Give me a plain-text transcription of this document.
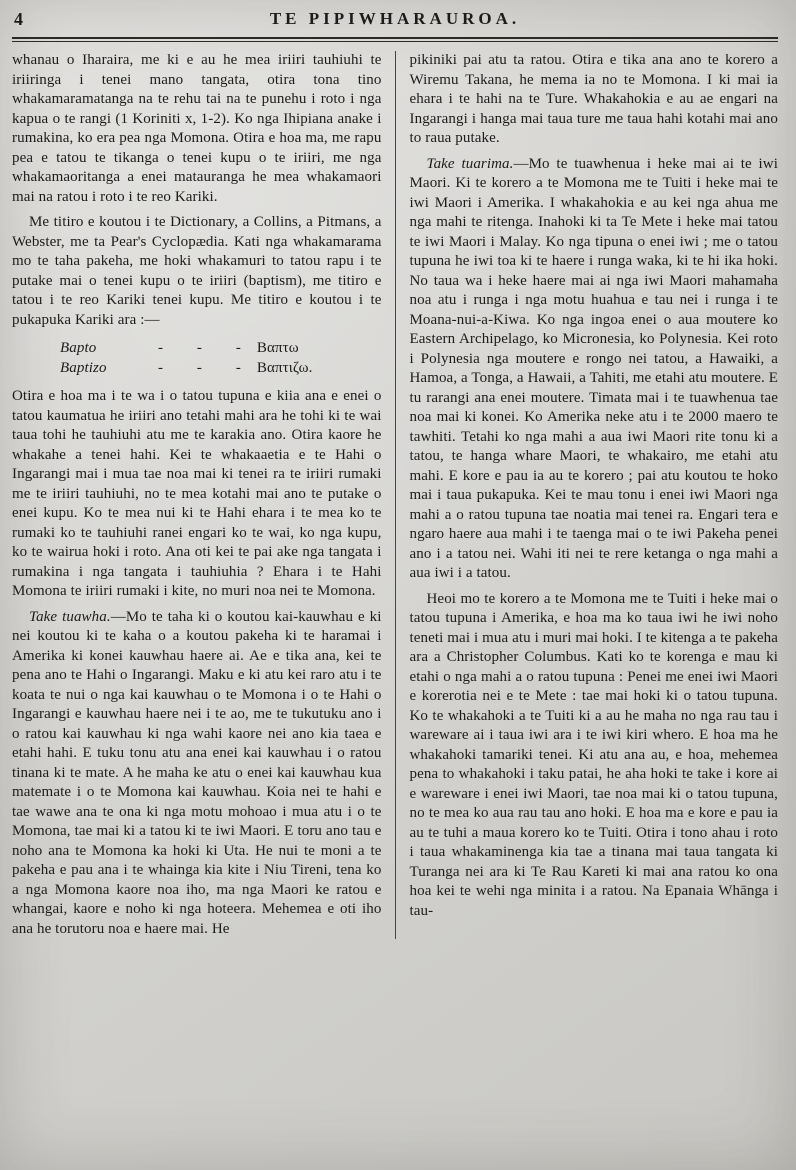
4	TE PIPIWHARAUROA.

whanau o Iharaira, me ki e au he mea iriiri tauhiuhi te iriiringa i tenei mano tangata, otira tona tino whakamaramatanga na te rehu tai na te punehu i roto i nga kapua o te rangi (1 Koriniti x, 1-2). Ko nga Ihipiana anake i rumakina, ko era pea nga Momona. Otira e hoa ma, me rapu pea e tatou te tikanga o tenei kupu o te iriiri, me nga whakamaoritanga a enei matauranga he mea whakamaori mai na ratou i roto i te reo Kariki.

Me titiro e koutou i te Dictionary, a Collins, a Pitmans, a Webster, me ta Pear's Cyclopædia. Kati nga whakamarama mo te taha pakeha, me hoki whakamuri to tatou rapu i te putake mai o tenei kupu o te iriiri (baptism), me titiro e tatou i te reo Kariki tenei kupu. Me titiro e koutou i te pukapuka Kariki ara :—

Bapto	- - -	Βαπτω
Baptizo	- - -	Βαπτιζω.

Otira e hoa ma i te wa i o tatou tupuna e kiia ana e enei o tatou kaumatua he iriiri ano tetahi mahi ara he tohi ki te wai taua tohi he tauhiuhi atu me te karakia ano. Otira kaore he whakahe a tenei hahi. Kei te whakaaetia e te Hahi o Ingarangi mai i mua tae noa mai ki tenei ra te iriiri rumaki me te iriiri tauhiuhi, no te mea kotahi mai ano te putake o enei kupu. Ko te mea nui ki te Hahi ehara i te mea ko te rumaki ko te tauhiuhi ranei engari ko te wai, ko nga kupu, ko te wairua hoki i roto. Ana oti kei te pai ake nga tangata i rumakina i nga tangata i tauhiuhia ? Ehara i te Hahi Momona te iriiri rumaki i kite, no muri noa nei te Momona.

Take tuawha.—Mo te taha ki o koutou kai-kauwhau e ki nei koutou ki te kaha o a koutou pakeha ki te haramai i Amerika ki konei kauwhau haere ai. Ae e tika ana, kei te pena ano te Hahi o Ingarangi. Maku e ki atu kei raro atu i te koata te nui o nga kai kauwhau o te Momona i o te Hahi o Ingarangi e kauwhau haere nei i te ao, me te tukutuku ano i o ratou kai kauwhau ki nga wahi kaore nei ano kia taea e etahi hahi. E tuku tonu atu ana enei kai kauwhau i o ratou tinana ki te mate. A he maha ke atu o enei kai kauwhau kua matemate i o te Momona kai kauwhau. Koia nei te hahi e tae wawe ana te ona ki nga motu mohoao i mua atu i o te Momona, tae mai ki a tatou ki te iwi Maori. E toru ano tau e noho ana te Momona ka hoki ki Uta. He nui te moni a te pakeha e pau ana i te whainga kia kite i Niu Tireni, tena ko a nga Momona kaore noa iho, ma nga Maori ke ratou e whangai, kaore e noho ki nga hoteera. Mehemea e oti iho ana he torutoru noa e haere mai. He

pikiniki pai atu ta ratou. Otira e tika ana ano te korero a Wiremu Takana, he mema ia no te Momona. I ki mai ia ehara i te hahi na te Ture. Whakahokia e au ae engari na Ingarangi i hanga mai taua ture me taua hahi kotahi mai ano to raua putake.

Take tuarima.—Mo te tuawhenua i heke mai ai te iwi Maori. Ki te korero a te Momona me te Tuiti i heke mai te iwi Maori i Amerika. I whakahokia e au kei nga ahua me nga mahi te ritenga. Inahoki ki ta Te Mete i heke mai tatou te iwi Maori i Malay. Ko nga tipuna o enei iwi ; me o tatou tupuna he iwi toa ki te haere i runga waka, ki te hi ika hoki. No taua wa i heke haere mai ai nga iwi Maori mahamaha noa atu i runga i nga motu huahua e tau nei i runga i te Moana-nui-a-Kiwa. Ko nga ingoa enei o aua moutere ko Eastern Archipelago, ko Micronesia, ko Polynesia. Kei roto i Polynesia nga moutere e rongo nei tatou, a Hawaiki, a Hamoa, a Tonga, a Hawaii, a Tahiti, me etahi atu moutere. E tu rarangi ana enei moutere. Timata mai i te tuawhenua tae noa mai ki konei. Ko Amerika neke atu i te 2000 maero te tawhiti. Tetahi ko nga mahi a aua iwi Maori rite tonu ki a tatou, te hanga whare Maori, te whakairo, me etahi atu mahi. E kore e pau ia au te korero ; pai atu koutou te hoko mai i taua pukapuka. Kei te mau tonu i enei iwi Maori nga mahi a o ratou tupuna tae noatia mai tenei ra. Engari tera e ngaro haere aua mahi i te taenga mai o te iwi Pakeha penei ano i a tatou nei. Wahi iti nei te rere ketanga o nga mahi a aua iwi i a tatou.

Heoi mo te korero a te Momona me te Tuiti i heke mai o tatou tupuna i Amerika, e hoa ma ko taua iwi he iwi noho teneti mai i mua atu i muri mai hoki. I te kitenga a te pakeha ara a Christopher Columbus. Kati ko te korenga e mau ki etahi o nga mahi a o ratou tupuna : Penei me enei iwi Maori e korerotia nei e te Mete : tae mai hoki ki o tatou tupuna. Ko te whakahoki a te Tuiti ki a au he maha no nga rau tau i wareware ai i taua iwi ara i te iwi kiri whero. E hoa ma he whakahoki tamariki tenei. Ki atu ana au, e hoa, mehemea pena to whakahoki i taku patai, he aha hoki te take i kore ai e wareware i enei iwi Maori, tae noa mai ki o tatou tupuna, no te mea ko aua rau tau ano hoki. E hoa ma e kore e pau ia au te tuhi a maua korero ko te Tuiti. Otira i tono ahau i roto i taua whakaminenga kia tae a tinana mai taua tangata ki Turanga nei ara ki Te Rau Kareti ki mai ana ratou ko ona hoa kei te wehi nga minita i a ratou. Na Epanaia Whānga i tau-
